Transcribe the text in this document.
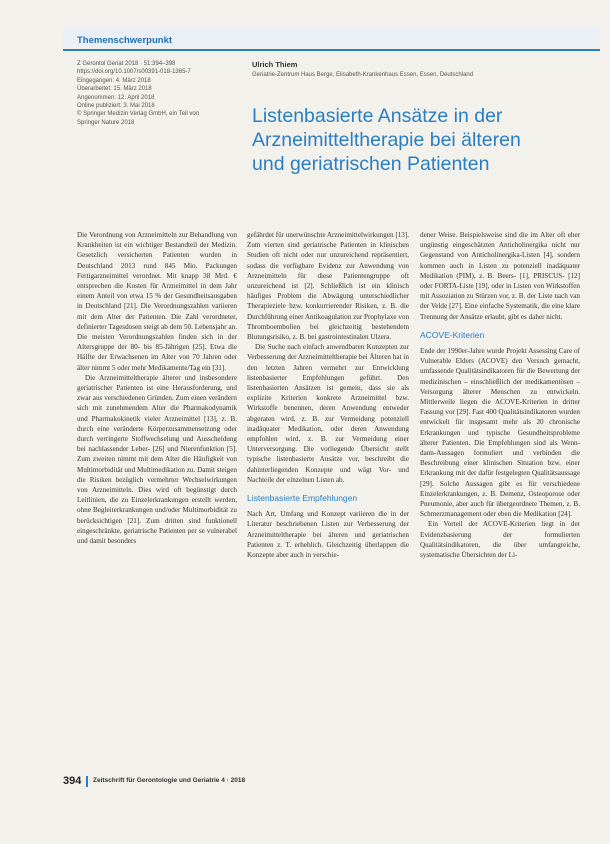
Themenschwerpunkt
Z Gerontol Geriat 2018 · 51:394–398
https://doi.org/10.1007/s00391-018-1365-7
Eingegangen: 4. März 2018
Überarbeitet: 15. März 2018
Angenommen: 12. April 2018
Online publiziert: 3. Mai 2018
© Springer Medizin Verlag GmbH, ein Teil von
Springer Nature 2018
Ulrich Thiem
Geriatrie-Zentrum Haus Berge, Elisabeth-Krankenhaus Essen, Essen, Deutschland
Listenbasierte Ansätze in der
Arzneimitteltherapie bei älteren
und geriatrischen Patienten

Die Verordnung von Arzneimitteln zur Behandlung von Krankheiten ist ein wichtiger Bestandteil der Medizin. Gesetzlich versicherten Patienten wurden in Deutschland 2013 rund 845 Mio. Packungen Fertigarzneimittel verordnet. Mit knapp 38 Mrd. € entsprechen die Kosten für Arzneimittel in dem Jahr einem Anteil von etwa 15 % der Gesundheitsausgaben in Deutschland [21]. Die Verordnungszahlen variieren mit dem Alter der Patienten. Die Zahl verordneter, definierter Tagesdosen steigt ab dem 50. Lebensjahr an. Die meisten Verordnungszahlen finden sich in der Altersgruppe der 80- bis 85-Jährigen [25]. Etwa die Hälfte der Erwachsenen im Alter von 70 Jahren oder älter nimmt 5 oder mehr Medikamente/Tag ein [31].

Die Arzneimitteltherapie älterer und insbesondere geriatrischer Patienten ist eine Herausforderung, und zwar aus verschiedenen Gründen. Zum einen verändern sich mit zunehmendem Alter die Pharmakodynamik und Pharmakokinetik vieler Arzneimittel [13], z. B. durch eine veränderte Körperzusammensetzung oder durch verringerte Stoffwechselung und Ausscheidung bei nachlassender Leber- [26] und Nierenfunktion [5]. Zum zweiten nimmt mit dem Alter die Häufigkeit von Multimorbidität und Multimedikation zu. Damit steigen die Risiken bezüglich vermehrter Wechselwirkungen von Arzneimitteln. Dies wird oft begünstigt durch Leitlinien, die zu Einzelerkrankungen erstellt werden, ohne Begleiterkrankungen und/oder Multimorbidität zu berücksichtigen [21]. Zum dritten sind funktionell eingeschränkte, geriatrische Patienten per se vulnerabel und damit besonders

gefährdet für unerwünschte Arzneimittelwirkungen [13]. Zum vierten sind geriatrische Patienten in klinischen Studien oft nicht oder nur unzureichend repräsentiert, sodass die verfügbare Evidenz zur Anwendung von Arzneimitteln für diese Patientengruppe oft unzureichend ist [2]. Schließlich ist ein klinisch häufiges Problem die Abwägung unterschiedlicher Therapieziele bzw. konkurrierender Risiken, z. B. die Durchführung einer Antikoagulation zur Prophylaxe von Thromboembolien bei gleichzeitig bestehendem Blutungsrisiko, z. B. bei gastrointestinalen Ulzera.

Die Suche nach einfach anwendbaren Konzepten zur Verbesserung der Arzneimitteltherapie bei Älteren hat in den letzten Jahren vermehrt zur Entwicklung listenbasierter Empfehlungen geführt. Den listenbasierten Ansätzen ist gemein, dass sie als explizite Kriterien konkrete Arzneimittel bzw. Wirkstoffe benennen, deren Anwendung entweder abgeraten wird, z. B. zur Vermeidung potenziell inadäquater Medikation, oder deren Anwendung empfohlen wird, z. B. zur Vermeidung einer Unterversorgung. Die vorliegende Übersicht stellt typische listenbasierte Ansätze vor, beschreibt die dahinterliegenden Konzepte und wägt Vor- und Nachteile der einzelnen Listen ab.

Listenbasierte Empfehlungen

Nach Art, Umfang und Konzept variieren die in der Literatur beschriebenen Listen zur Verbesserung der Arzneimitteltherapie bei älteren und geriatrischen Patienten z. T. erheblich. Gleichzeitig überlappen die Konzepte aber auch in verschie-

dener Weise. Beispielsweise sind die im Alter oft eher ungünstig eingeschätzten Anticholinergika nicht nur Gegenstand von Anticholinergika-Listen [4], sondern kommen auch in Listen zu potenziell inadäquater Medikation (PIM), z. B. Beers- [1], PRISCUS- [12] oder FORTA-Liste [19], oder in Listen von Wirkstoffen mit Assoziation zu Stürzen vor, z. B. der Liste nach van der Velde [27]. Eine einfache Systematik, die eine klare Trennung der Ansätze erlaubt, gibt es daher nicht.

ACOVE-Kriterien

Ende der 1990er-Jahre wurde Projekt Assessing Care of Vulnerable Elders (ACOVE) den Versuch gemacht, umfassende Qualitätsindikatoren für die Bewertung der medizinischen – einschließlich der medikamentösen – Versorgung älterer Menschen zu entwickeln. Mittlerweile liegen die ACOVE-Kriterien in dritter Fassung vor [29]. Fast 400 Qualitätsindikatoren wurden entwickelt für insgesamt mehr als 20 chronische Erkrankungen und typische Gesundheitsprobleme älterer Patienten. Die Empfehlungen sind als Wenn-dann-Aussagen formuliert und verbinden die Beschreibung einer klinischen Situation bzw. einer Erkrankung mit der dafür festgelegten Qualitätsaussage [29]. Solche Aussagen gibt es für verschiedene Einzelerkrankungen, z. B. Demenz, Osteoporose oder Pneumonie, aber auch für übergeordnete Themen, z. B. Schmerzmanagement oder eben die Medikation [24].

Ein Vorteil der ACOVE-Kriterien liegt in der Evidenzbasierung der formulierten Qualitätsindikatoren, die über umfangreiche, systematische Übersichten der Li-

394 Zeitschrift für Gerontologie und Geriatrie 4 · 2018
